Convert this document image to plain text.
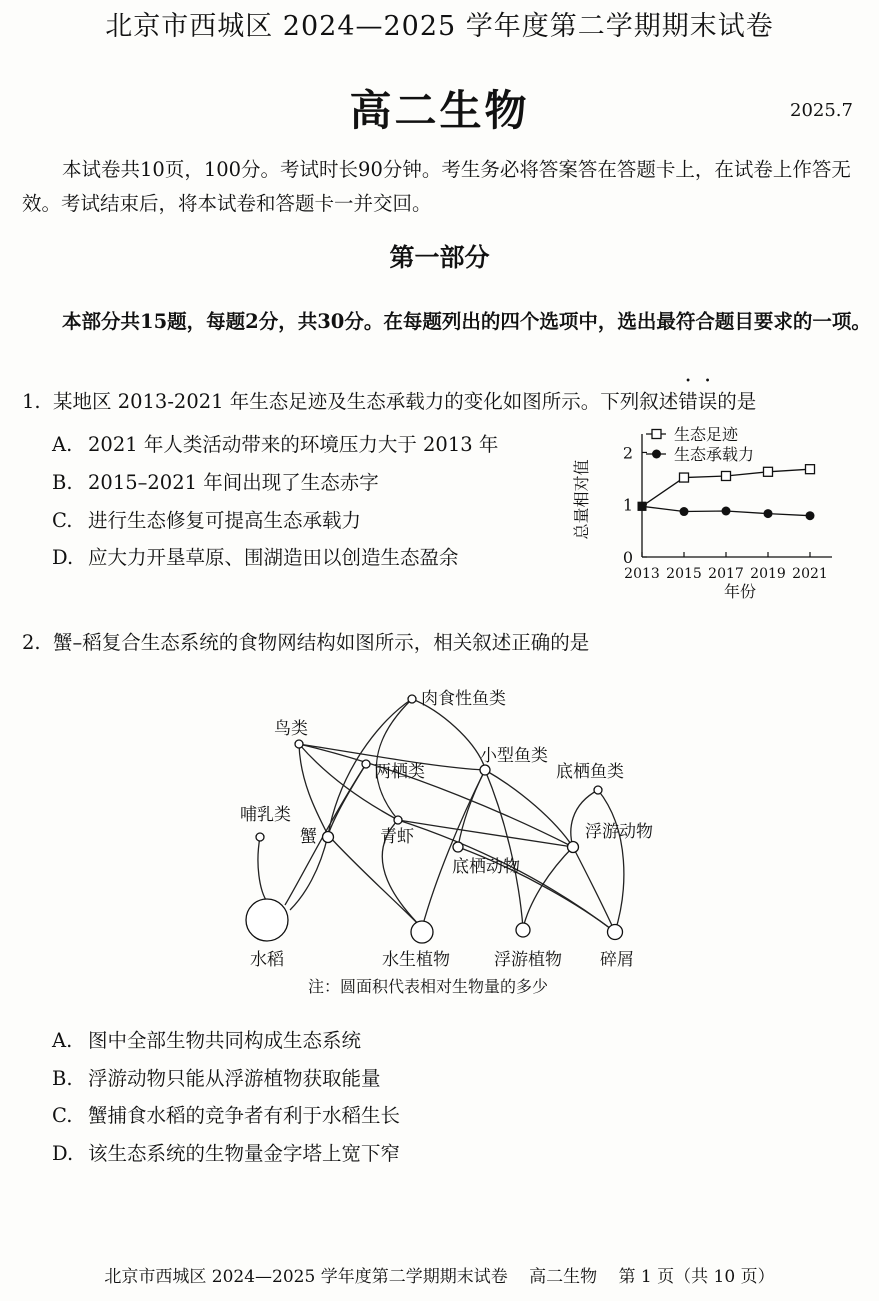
北京市西城区 2024—2025 学年度第二学期期末试卷
高二生物	2025.7
本试卷共10页，100分。考试时长90分钟。考生务必将答案答在答题卡上，在试卷上作答无效。考试结束后，将本试卷和答题卡一并交回。
第一部分
本部分共15题，每题2分，共30分。在每题列出的四个选项中，选出最符合题目要求的一项。
1. 某地区 2013-2021 年生态足迹及生态承载力的变化如图所示。下列叙述错误的是
A. 2021 年人类活动带来的环境压力大于 2013 年
B. 2015–2021 年间出现了生态赤字
C. 进行生态修复可提高生态承载力
D. 应大力开垦草原、围湖造田以创造生态盈余	0
1
2
2013 2015 2017 2019 2021
年份
总量相对值
生态足迹
生态承载力
2. 蟹–稻复合生态系统的食物网结构如图所示，相关叙述正确的是
肉食性鱼类
鸟类
两栖类
小型鱼类
底栖鱼类
哺乳类
蟹	青虾	浮游动物
底栖动物
水稻	水生植物	浮游植物 碎屑
注：圆面积代表相对生物量的多少
A. 图中全部生物共同构成生态系统
B. 浮游动物只能从浮游植物获取能量
C. 蟹捕食水稻的竞争者有利于水稻生长
D. 该生态系统的生物量金字塔上宽下窄
北京市西城区 2024—2025 学年度第二学期期末试卷 高二生物 第 1 页（共 10 页）
